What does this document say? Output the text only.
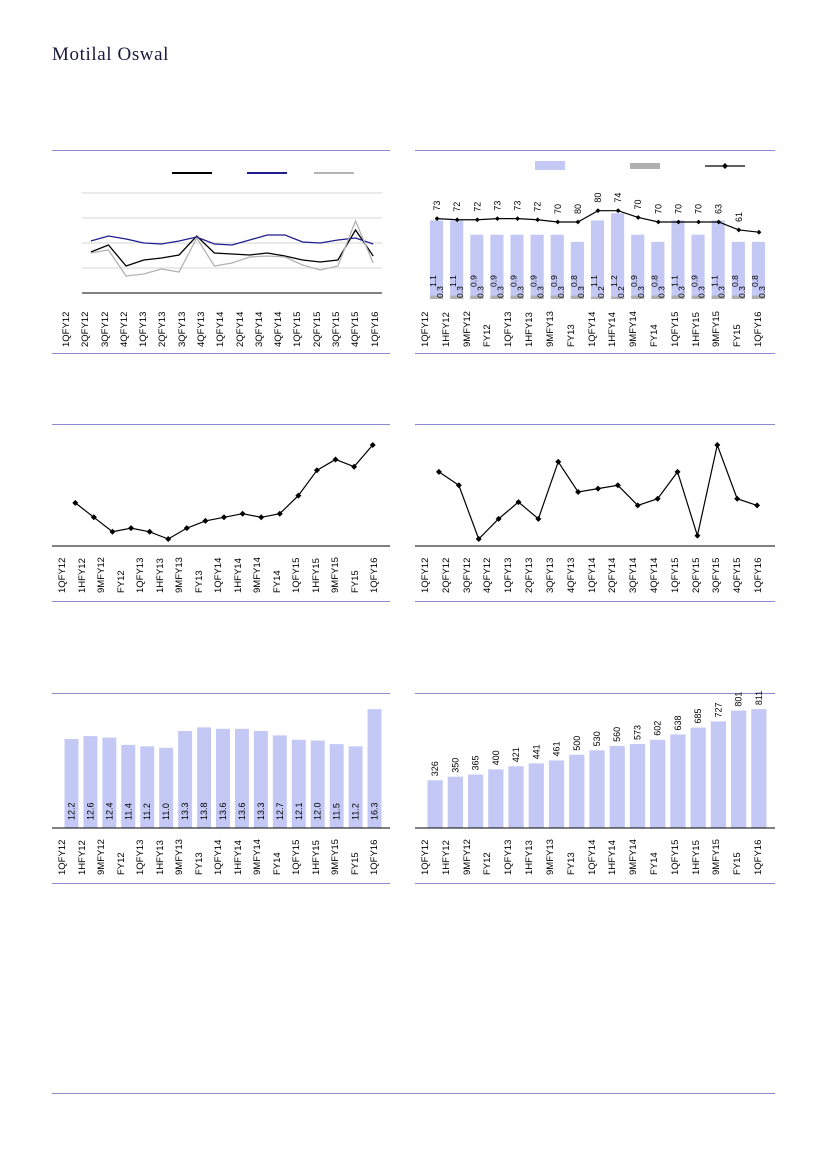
Motilal Oswal
1QFY12 2QFY12 3QFY12 4QFY12 1QFY13 2QFY13 3QFY13 4QFY13 1QFY14 2QFY14 3QFY14 4QFY14 1QFY15 2QFY15 3QFY15 4QFY15 1QFY16
73 72 72 73 73 72 70 80
80 74
70 70 70 70 63
61
1.1 1.1 0.9 0.9 0.9 0.9 0.9 0.8 1.1 1.2 0.9 0.8 1.1 0.9 1.1 0.8 0.8
0.3 0.3 0.3 0.3 0.3 0.3 0.3 0.3 0.2 0.2 0.3 0.3 0.3 0.3 0.3 0.3 0.3
1QFY12	1HFY12	9MFY12	FY12	1QFY13	1HFY13	9MFY13	FY13	1QFY14	1HFY14	9MFY14	FY14	1QFY15	1HFY15	9MFY15	FY15	1QFY16
1QFY12 1HFY12 9MFY12 FY12 1QFY13 1HFY13 9MFY13 FY13 1QFY14 1HFY14 9MFY14 FY14 1QFY15 1HFY15 9MFY15 FY15 1QFY16	1QFY12	2QFY12	3QFY12	4QFY12	1QFY13	2QFY13	3QFY13	4QFY13	1QFY14	2QFY14	3QFY14	4QFY14	1QFY15	2QFY15	3QFY15	4QFY15	1QFY16
12.2 12.6 12.4 11.4 11.2 11.0 13.3 13.8 13.6 13.6 13.3 12.7 12.1 12.0 11.5 11.2 16.3
1QFY12 1HFY12 9MFY12 FY12 1QFY13 1HFY13 9MFY13 FY13 1QFY14 1HFY14 9MFY14 FY14 1QFY15 1HFY15 9MFY15 FY15 1QFY16
326 350 365 400 421 441 461 500 530 560 573 602 638 685 727
801 811
1QFY12	1HFY12	9MFY12	FY12	1QFY13	1HFY13	9MFY13	FY13	1QFY14	1HFY14	9MFY14	FY14	1QFY15	1HFY15	9MFY15	FY15	1QFY16
